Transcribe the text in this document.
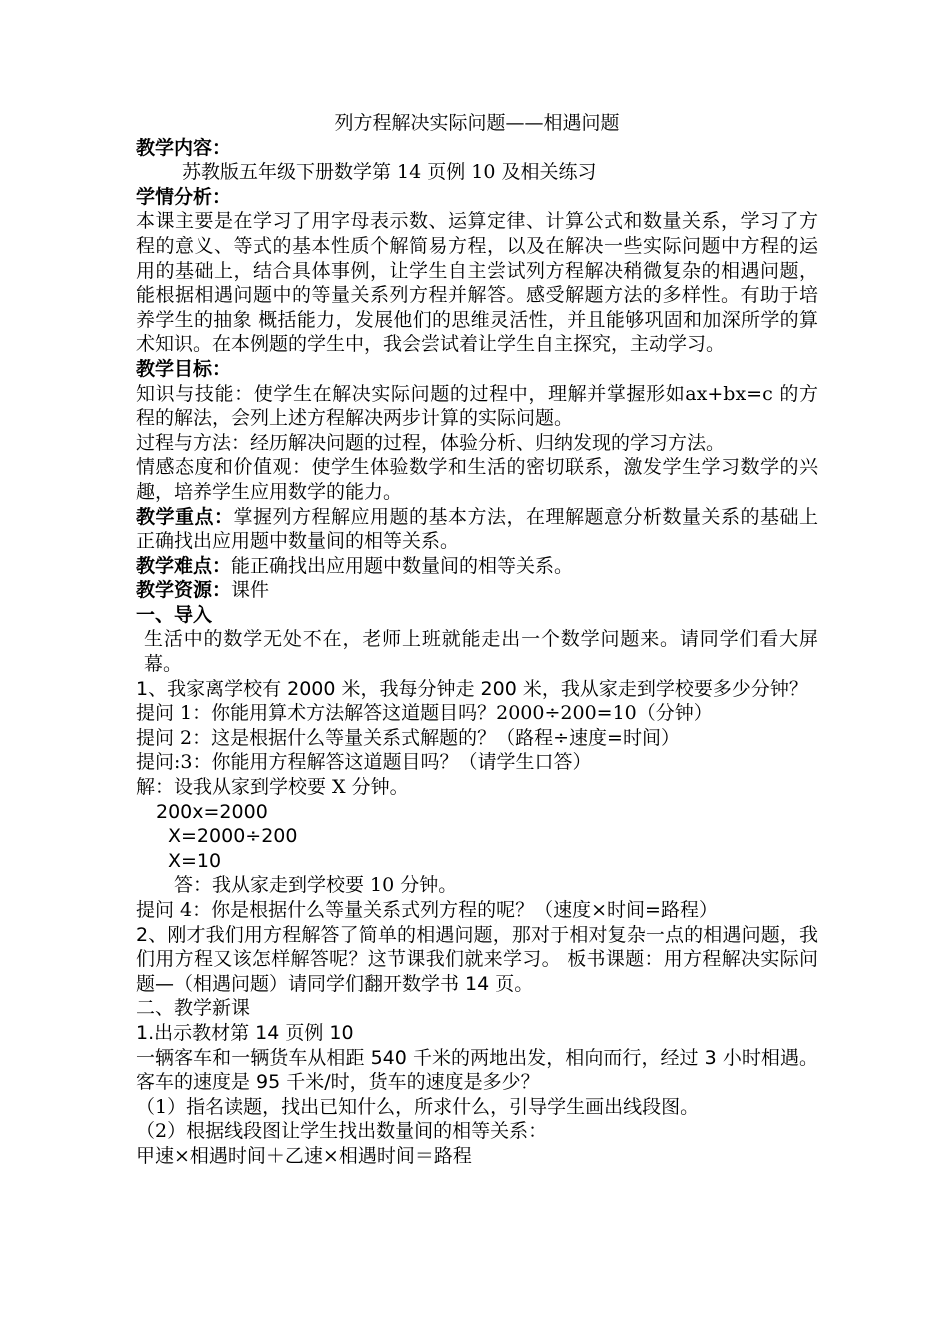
列方程解决实际问题——相遇问题

教学内容：

苏教版五年级下册数学第 14 页例 10 及相关练习

学情分析：

本课主要是在学习了用字母表示数、运算定律、计算公式和数量关系，学习了方程的意义、等式的基本性质个解简易方程，以及在解决一些实际问题中方程的运用的基础上，结合具体事例，让学生自主尝试列方程解决稍微复杂的相遇问题，能根据相遇问题中的等量关系列方程并解答。感受解题方法的多样性。有助于培养学生的抽象 概括能力，发展他们的思维灵活性，并且能够巩固和加深所学的算术知识。在本例题的学生中，我会尝试着让学生自主探究，主动学习。

教学目标：

知识与技能：使学生在解决实际问题的过程中，理解并掌握形如ax+bx=c 的方程的解法，会列上述方程解决两步计算的实际问题。

过程与方法：经历解决问题的过程，体验分析、归纳发现的学习方法。

情感态度和价值观：使学生体验数学和生活的密切联系，激发学生学习数学的兴趣，培养学生应用数学的能力。

教学重点：掌握列方程解应用题的基本方法，在理解题意分析数量关系的基础上正确找出应用题中数量间的相等关系。

教学难点：能正确找出应用题中数量间的相等关系。

教学资源：课件

一、导入

生活中的数学无处不在，老师上班就能走出一个数学问题来。请同学们看大屏幕。

1、我家离学校有 2000 米，我每分钟走 200 米，我从家走到学校要多少分钟？

提问 1：你能用算术方法解答这道题目吗？2000÷200=10（分钟）

提问 2：这是根据什么等量关系式解题的？（路程÷速度=时间）

提问:3：你能用方程解答这道题目吗？（请学生口答）

解：设我从家到学校要 X 分钟。

200x=2000

X=2000÷200

X=10

答：我从家走到学校要 10 分钟。

提问 4：你是根据什么等量关系式列方程的呢？（速度×时间=路程）

2、刚才我们用方程解答了简单的相遇问题，那对于相对复杂一点的相遇问题，我们用方程又该怎样解答呢？这节课我们就来学习。 板书课题：用方程解决实际问题—（相遇问题）请同学们翻开数学书 14 页。

二、教学新课

1.出示教材第 14 页例 10

一辆客车和一辆货车从相距 540 千米的两地出发，相向而行，经过 3 小时相遇。客车的速度是 95 千米/时，货车的速度是多少？

（1）指名读题，找出已知什么，所求什么，引导学生画出线段图。

（2）根据线段图让学生找出数量间的相等关系：

甲速×相遇时间＋乙速×相遇时间＝路程
